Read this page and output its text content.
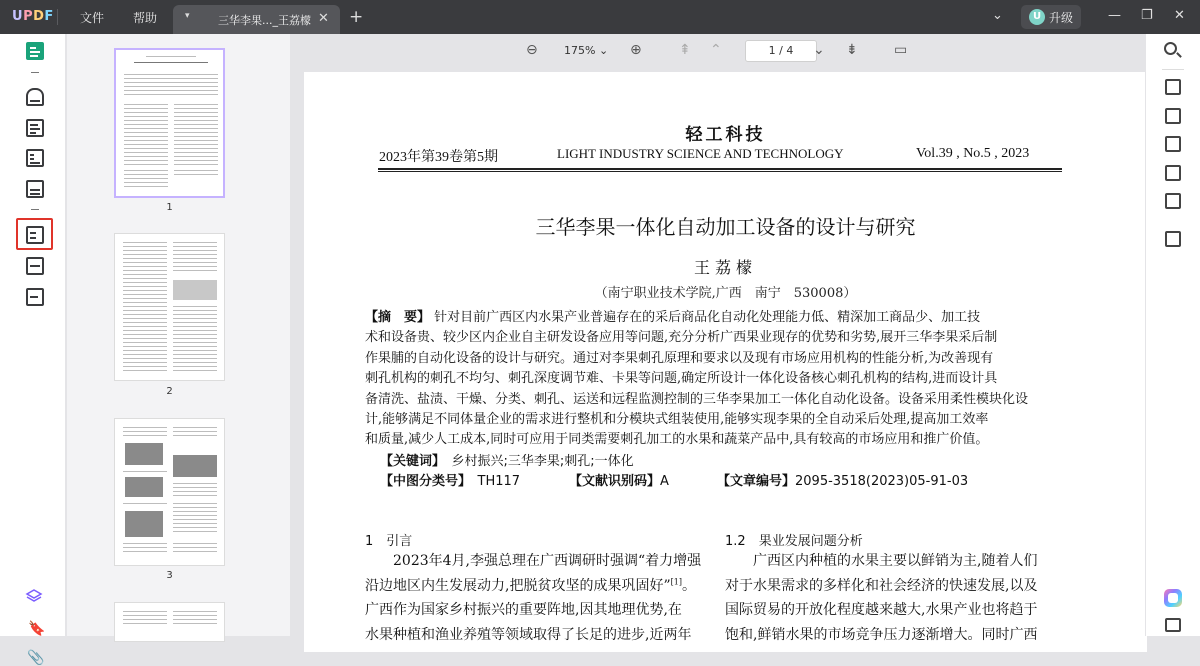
UPDF 文件 帮助	▾	三华李果..._王荔檬 ✕ +	⌄	U 升级	— ❐ ✕
🔖
📎
1
2
3
⊖ 175% ⌄ ⊕	⇞ ⌃	1 / 4	⌄ ⇟	▭
轻工科技
2023年第39卷第5期	LIGHT INDUSTRY SCIENCE AND TECHNOLOGY	Vol.39 , No.5 , 2023
三华李果一体化自动加工设备的设计与研究
王荔檬
（南宁职业技术学院,广西　南宁　530008）
【摘　要】 针对目前广西区内水果产业普遍存在的采后商品化自动化处理能力低、精深加工商品少、加工技
术和设备贵、较少区内企业自主研发设备应用等问题,充分分析广西果业现存的优势和劣势,展开三华李果采后制
作果脯的自动化设备的设计与研究。通过对李果刺孔原理和要求以及现有市场应用机构的性能分析,为改善现有
刺孔机构的刺孔不均匀、刺孔深度调节难、卡果等问题,确定所设计一体化设备核心刺孔机构的结构,进而设计具
备清洗、盐渍、干燥、分类、刺孔、运送和远程监测控制的三华李果加工一体化自动化设备。设备采用柔性模块化设
计,能够满足不同体量企业的需求进行整机和分模块式组装使用,能够实现李果的全自动采后处理,提高加工效率
和质量,减少人工成本,同时可应用于同类需要刺孔加工的水果和蔬菜产品中,具有较高的市场应用和推广价值。
【关键词】　 乡村振兴;三华李果;刺孔;一体化
【中图分类号】　 TH117	【文献识别码】A	【文章编号】2095-3518(2023)05-91-03
1　 引言
　　2023年4月,李强总理在广西调研时强调“着力增强
沿边地区内生发展动力,把脱贫攻坚的成果巩固好”[1]。
广西作为国家乡村振兴的重要阵地,因其地理优势,在
水果种植和渔业养殖等领域取得了长足的进步,近两年
1.2　 果业发展问题分析
　　广西区内种植的水果主要以鲜销为主,随着人们
对于水果需求的多样化和社会经济的快速发展,以及
国际贸易的开放化程度越来越大,水果产业也将趋于
饱和,鲜销水果的市场竞争压力逐渐增大。同时广西
